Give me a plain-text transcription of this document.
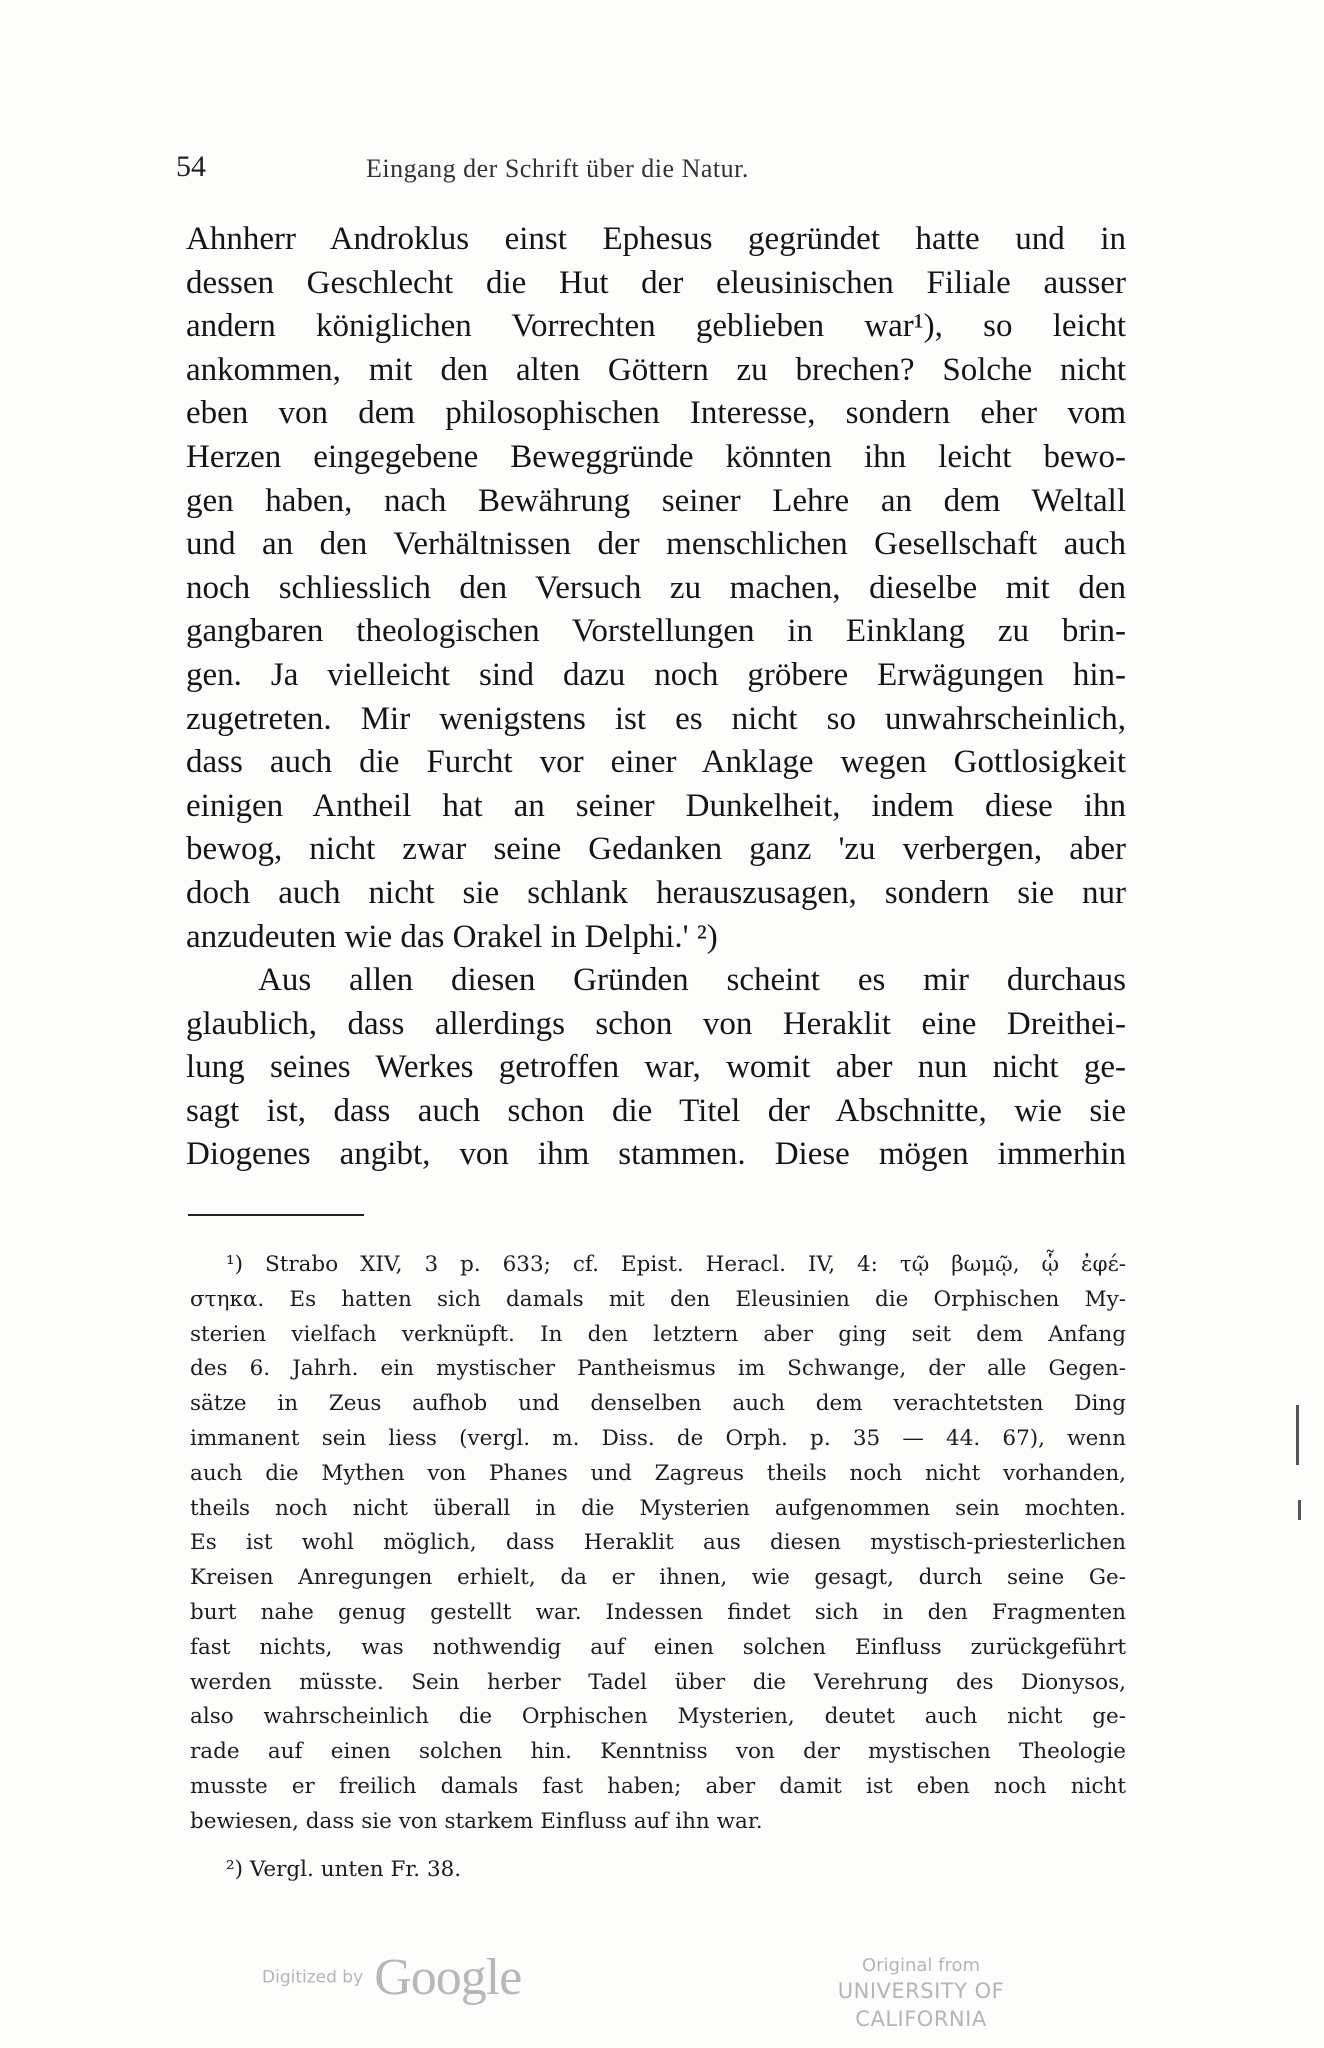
54	Eingang der Schrift über die Natur.
Ahnherr Androklus einst Ephesus gegründet hatte und in
dessen Geschlecht die Hut der eleusinischen Filiale ausser
andern königlichen Vorrechten geblieben war¹), so leicht
ankommen, mit den alten Göttern zu brechen? Solche nicht
eben von dem philosophischen Interesse, sondern eher vom
Herzen eingegebene Beweggründe könnten ihn leicht bewo-
gen haben, nach Bewährung seiner Lehre an dem Weltall
und an den Verhältnissen der menschlichen Gesellschaft auch
noch schliesslich den Versuch zu machen, dieselbe mit den
gangbaren theologischen Vorstellungen in Einklang zu brin-
gen. Ja vielleicht sind dazu noch gröbere Erwägungen hin-
zugetreten. Mir wenigstens ist es nicht so unwahrscheinlich,
dass auch die Furcht vor einer Anklage wegen Gottlosigkeit
einigen Antheil hat an seiner Dunkelheit, indem diese ihn
bewog, nicht zwar seine Gedanken ganz 'zu verbergen, aber
doch auch nicht sie schlank herauszusagen, sondern sie nur
anzudeuten wie das Orakel in Delphi.' ²)
Aus allen diesen Gründen scheint es mir durchaus
glaublich, dass allerdings schon von Heraklit eine Dreithei-
lung seines Werkes getroffen war, womit aber nun nicht ge-
sagt ist, dass auch schon die Titel der Abschnitte, wie sie
Diogenes angibt, von ihm stammen. Diese mögen immerhin
¹) Strabo XIV, 3 p. 633; cf. Epist. Heracl. IV, 4: τῷ βωμῷ, ᾧ ἐφέ-
στηκα. Es hatten sich damals mit den Eleusinien die Orphischen My-
sterien vielfach verknüpft. In den letztern aber ging seit dem Anfang
des 6. Jahrh. ein mystischer Pantheismus im Schwange, der alle Gegen-
sätze in Zeus aufhob und denselben auch dem verachtetsten Ding
immanent sein liess (vergl. m. Diss. de Orph. p. 35 — 44. 67), wenn
auch die Mythen von Phanes und Zagreus theils noch nicht vorhanden,
theils noch nicht überall in die Mysterien aufgenommen sein mochten.
Es ist wohl möglich, dass Heraklit aus diesen mystisch-priesterlichen
Kreisen Anregungen erhielt, da er ihnen, wie gesagt, durch seine Ge-
burt nahe genug gestellt war. Indessen findet sich in den Fragmenten
fast nichts, was nothwendig auf einen solchen Einfluss zurückgeführt
werden müsste. Sein herber Tadel über die Verehrung des Dionysos,
also wahrscheinlich die Orphischen Mysterien, deutet auch nicht ge-
rade auf einen solchen hin. Kenntniss von der mystischen Theologie
musste er freilich damals fast haben; aber damit ist eben noch nicht
bewiesen, dass sie von starkem Einfluss auf ihn war.
²) Vergl. unten Fr. 38.
Digitized by Google	Original from
UNIVERSITY OF CALIFORNIA
